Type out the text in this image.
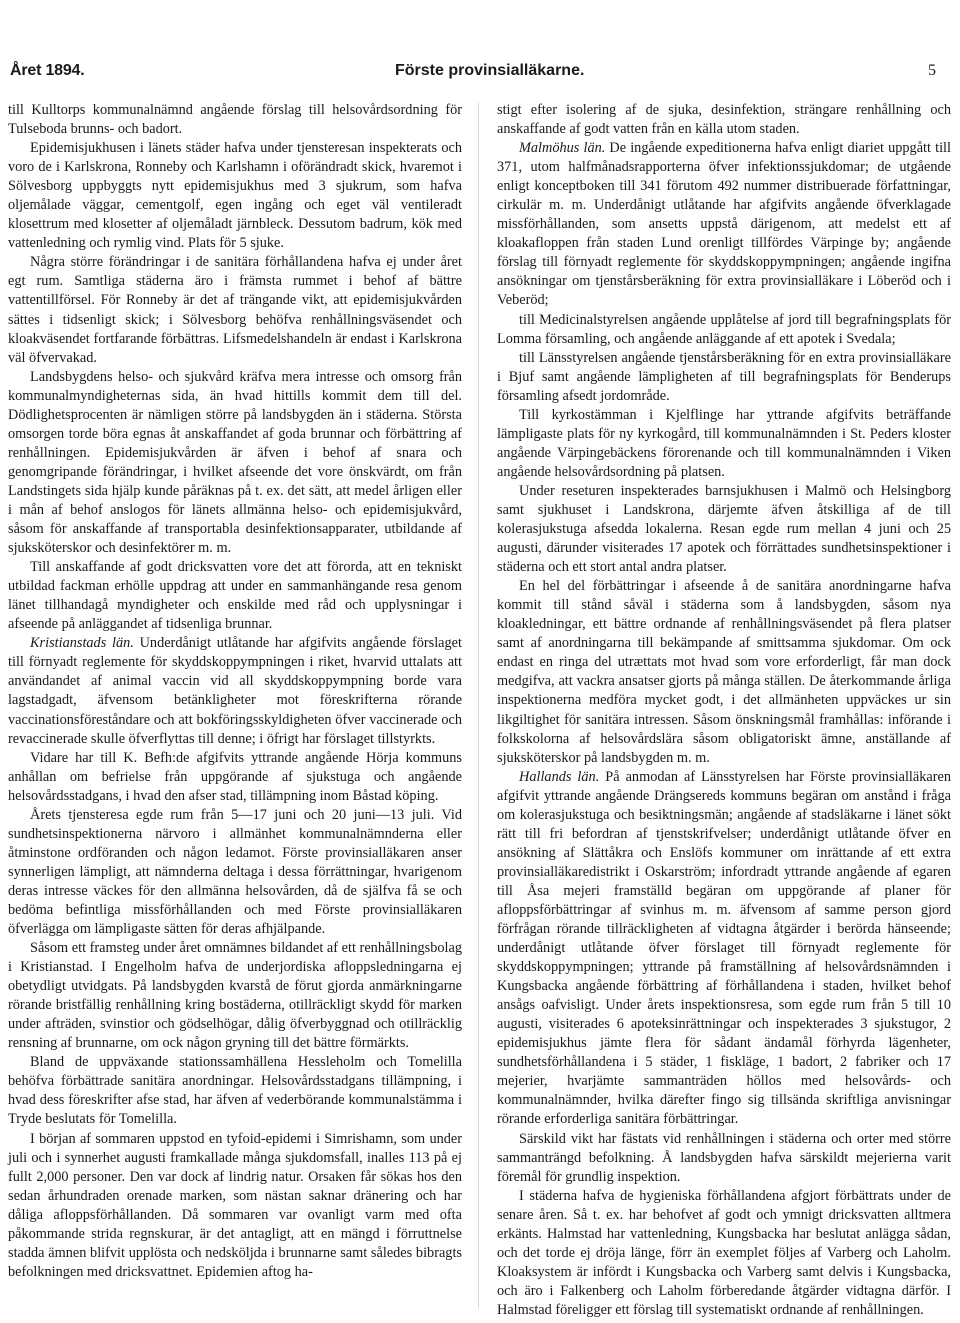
Året 1894.	Förste provinsialläkarne.	5

till Kulltorps kommunalnämnd angående förslag till helsovårdsordning för Tulseboda brunns- och badort.

Epidemisjukhusen i länets städer hafva under tjensteresan inspekterats och voro de i Karlskrona, Ronneby och Karlshamn i oförändradt skick, hvaremot i Sölvesborg uppbyggts nytt epidemisjukhus med 3 sjukrum, som hafva oljemålade väggar, cementgolf, egen ingång och eget väl ventileradt klosettrum med klosetter af oljemåladt järnbleck. Dessutom badrum, kök med vattenledning och rymlig vind. Plats för 5 sjuke.

Några större förändringar i de sanitära förhållandena hafva ej under året egt rum. Samtliga städerna äro i främsta rummet i behof af bättre vattentillförsel. För Ronneby är det af trängande vikt, att epidemisjukvården sättes i tidsenligt skick; i Sölvesborg behöfva renhållningsväsendet och kloakväsendet fortfarande förbättras. Lifsmedelshandeln är endast i Karlskrona väl öfvervakad.

Landsbygdens helso- och sjukvård kräfva mera intresse och omsorg från kommunalmyndigheternas sida, än hvad hittills kommit dem till del. Dödlighetsprocenten är nämligen större på landsbygden än i städerna. Största omsorgen torde böra egnas åt anskaffandet af goda brunnar och förbättring af renhållningen. Epidemisjukvården är äfven i behof af snara och genomgripande förändringar, i hvilket afseende det vore önskvärdt, om från Landstingets sida hjälp kunde påräknas på t. ex. det sätt, att medel årligen eller i mån af behof anslogos för länets allmänna helso- och epidemisjukvård, såsom för anskaffande af transportabla desinfektionsapparater, utbildande af sjuksköterskor och desinfektörer m. m.

Till anskaffande af godt dricksvatten vore det att förorda, att en tekniskt utbildad fackman erhölle uppdrag att under en sammanhängande resa genom länet tillhandagå myndigheter och enskilde med råd och upplysningar i afseende på anläggandet af tidsenliga brunnar.

Kristianstads län. Underdånigt utlåtande har afgifvits angående förslaget till förnyadt reglemente för skyddskoppympningen i riket, hvarvid uttalats att användandet af animal vaccin vid all skyddskoppympning borde vara lagstadgadt, äfvensom betänkligheter mot föreskrifterna rörande vaccinationsföreståndare och att bokföringsskyldigheten öfver vaccinerade och revaccinerade skulle öfverflyttas till denne; i öfrigt har förslaget tillstyrkts.

Vidare har till K. Befh:de afgifvits yttrande angående Hörja kommuns anhållan om befrielse från uppgörande af sjukstuga och angående helsovårdsstadgans, i hvad den afser stad, tillämpning inom Båstad köping.

Årets tjensteresa egde rum från 5—17 juni och 20 juni—13 juli. Vid sundhetsinspektionerna närvoro i allmänhet kommunalnämnderna eller åtminstone ordföranden och någon ledamot. Förste provinsialläkaren anser synnerligen lämpligt, att nämnderna deltaga i dessa förrättningar, hvarigenom deras intresse väckes för den allmänna helsovården, då de själfva få se och bedöma befintliga missförhållanden och med Förste provinsialläkaren öfverlägga om lämpligaste sätten för deras afhjälpande.

Såsom ett framsteg under året omnämnes bildandet af ett renhållningsbolag i Kristianstad. I Engelholm hafva de underjordiska afloppsledningarna ej obetydligt utvidgats. På landsbygden kvarstå de förut gjorda anmärkningarne rörande bristfällig renhållning kring bostäderna, otillräckligt skydd för marken under afträden, svinstior och gödselhögar, dålig öfverbyggnad och otillräcklig rensning af brunnarne, om ock någon gryning till det bättre förmärkts.

Bland de uppväxande stationssamhällena Hessleholm och Tomelilla behöfva förbättrade sanitära anordningar. Helsovårdsstadgans tillämpning, i hvad dess föreskrifter afse stad, har äfven af vederbörande kommunalstämma i Tryde beslutats för Tomelilla.

I början af sommaren uppstod en tyfoid-epidemi i Simrishamn, som under juli och i synnerhet augusti framkallade många sjukdomsfall, inalles 113 på ej fullt 2,000 personer. Den var dock af lindrig natur. Orsaken får sökas hos den sedan århundraden orenade marken, som nästan saknar dränering och har dåliga afloppsförhållanden. Då sommaren var ovanligt varm med ofta påkommande strida regnskurar, är det antagligt, att en mängd i förruttnelse stadda ämnen blifvit upplösta och nedsköljda i brunnarne samt således bibragts befolkningen med dricksvattnet. Epidemien aftog ha-

stigt efter isolering af de sjuka, desinfektion, strängare renhållning och anskaffande af godt vatten från en källa utom staden.

Malmöhus län. De ingående expeditionerna hafva enligt diariet uppgått till 371, utom halfmånadsrapporterna öfver infektionssjukdomar; de utgående enligt konceptboken till 341 förutom 492 nummer distribuerade författningar, cirkulär m. m. Underdånigt utlåtande har afgifvits angående öfverklagade missförhållanden, som ansetts uppstå därigenom, att medelst ett af kloakafloppen från staden Lund orenligt tillfördes Värpinge by; angående förslag till förnyadt reglemente för skyddskoppympningen; angående ingifna ansökningar om tjenstårsberäkning för extra provinsialläkare i Löberöd och i Veberöd;

till Medicinalstyrelsen angående upplåtelse af jord till begrafningsplats för Lomma församling, och angående anläggande af ett apotek i Svedala;

till Länsstyrelsen angående tjenstårsberäkning för en extra provinsialläkare i Bjuf samt angående lämpligheten af till begrafningsplats för Benderups församling afsedt jordområde.

Till kyrkostämman i Kjelflinge har yttrande afgifvits beträffande lämpligaste plats för ny kyrkogård, till kommunalnämnden i St. Peders kloster angående Värpingebäckens förorenande och till kommunalnämnden i Viken angående helsovårdsordning på platsen.

Under reseturen inspekterades barnsjukhusen i Malmö och Helsingborg samt sjukhuset i Landskrona, därjemte äfven åtskilliga af de till kolerasjukstuga afsedda lokalerna. Resan egde rum mellan 4 juni och 25 augusti, därunder visiterades 17 apotek och förrättades sundhetsinspektioner i städerna och ett stort antal andra platser.

En hel del förbättringar i afseende å de sanitära anordningarne hafva kommit till stånd såväl i städerna som å landsbygden, såsom nya kloakledningar, ett bättre ordnande af renhållningsväsendet på flera platser samt af anordningarna till bekämpande af smittsamma sjukdomar. Om ock endast en ringa del utrættats mot hvad som vore erforderligt, får man dock medgifva, att vackra ansatser gjorts på många ställen. De återkommande årliga inspektionerna medföra mycket godt, i det allmänheten uppväckes ur sin likgiltighet för sanitära intressen. Såsom önskningsmål framhållas: införande i folkskolorna af helsovårdslära såsom obligatoriskt ämne, anställande af sjuksköterskor på landsbygden m. m.

Hallands län. På anmodan af Länsstyrelsen har Förste provinsialläkaren afgifvit yttrande angående Drängsereds kommuns begäran om anstånd i fråga om kolerasjukstuga och besiktningsmän; angående af stadsläkarne i länet sökt rätt till fri befordran af tjenstskrifvelser; underdånigt utlåtande öfver en ansökning af Slättåkra och Enslöfs kommuner om inrättande af ett extra provinsialläkaredistrikt i Oskarström; infordradt yttrande angående af egaren till Åsa mejeri framställd begäran om uppgörande af planer för afloppsförbättringar af svinhus m. m. äfvensom af samme person gjord förfrågan rörande tillräckligheten af vidtagna åtgärder i berörda hänseende; underdånigt utlåtande öfver förslaget till förnyadt reglemente för skyddskoppympningen; yttrande på framställning af helsovårdsnämnden i Kungsbacka angående förbättring af förhållandena i staden, hvilket behof ansågs oafvisligt. Under årets inspektionsresa, som egde rum från 5 till 10 augusti, visiterades 6 apoteksinrättningar och inspekterades 3 sjukstugor, 2 epidemisjukhus jämte flera för sådant ändamål förhyrda lägenheter, sundhetsförhållandena i 5 städer, 1 fiskläge, 1 badort, 2 fabriker och 17 mejerier, hvarjämte sammanträden höllos med helsovårds- och kommunalnämnder, hvilka därefter fingo sig tillsända skriftliga anvisningar rörande erforderliga sanitära förbättringar.

Särskild vikt har fästats vid renhållningen i städerna och orter med större sammanträngd befolkning. Å landsbygden hafva särskildt mejerierna varit föremål för grundlig inspektion.

I städerna hafva de hygieniska förhållandena afgjort förbättrats under de senare åren. Så t. ex. har behofvet af godt och ymnigt dricksvatten alltmera erkänts. Halmstad har vattenledning, Kungsbacka har beslutat anlägga sådan, och det torde ej dröja länge, förr än exemplet följes af Varberg och Laholm. Kloaksystem är infördt i Kungsbacka och Varberg samt delvis i Kungsbacka, och äro i Falkenberg och Laholm förberedande åtgärder vidtagna därför. I Halmstad föreligger ett förslag till systematiskt ordnande af renhållningen.
